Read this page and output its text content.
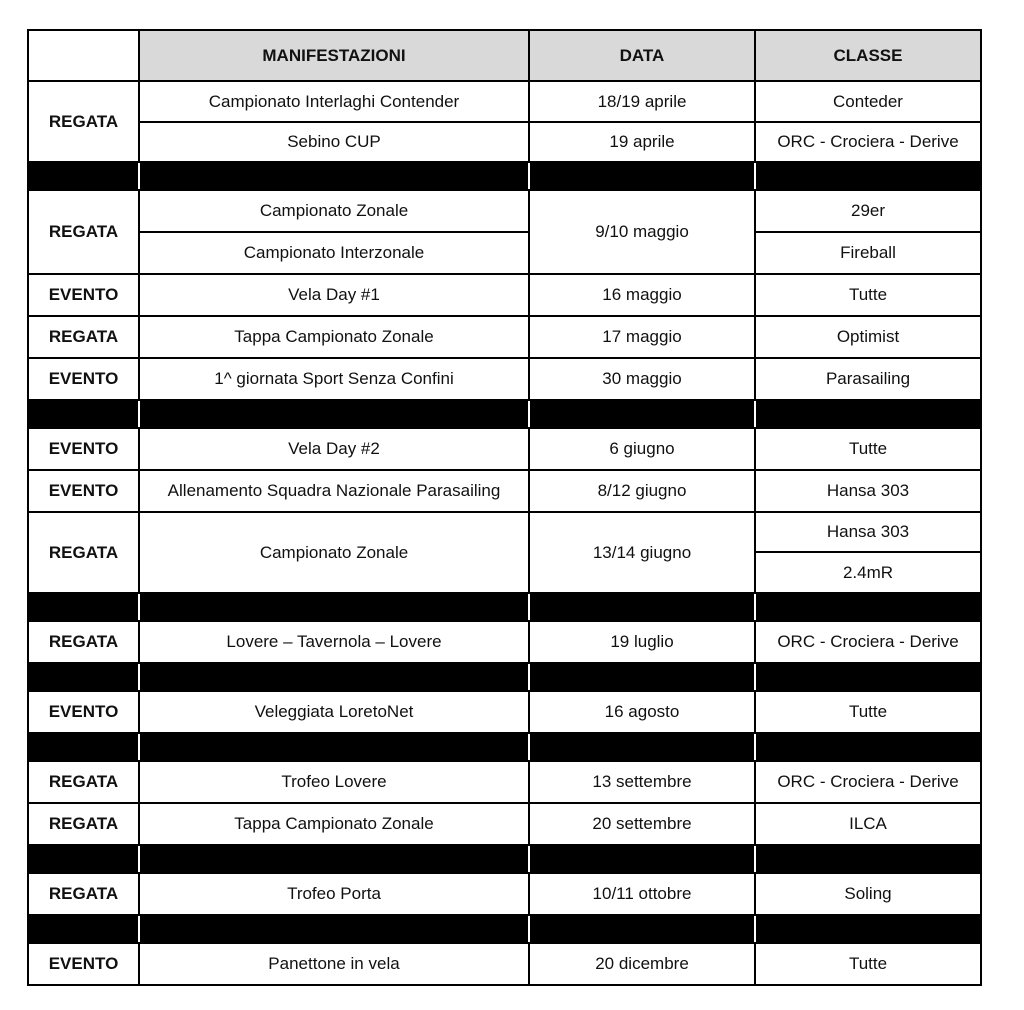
	MANIFESTAZIONI	DATA	CLASSE
REGATA	Campionato Interlaghi Contender	18/19 aprile	Conteder
	Sebino CUP	19 aprile	ORC - Crociera - Derive

REGATA	Campionato Zonale	9/10 maggio	29er
	Campionato Interzonale		Fireball
EVENTO	Vela Day #1	16 maggio	Tutte
REGATA	Tappa Campionato Zonale	17 maggio	Optimist
EVENTO	1^ giornata Sport Senza Confini	30 maggio	Parasailing

EVENTO	Vela Day #2	6 giugno	Tutte
EVENTO	Allenamento Squadra Nazionale Parasailing	8/12 giugno	Hansa 303
REGATA	Campionato Zonale	13/14 giugno	Hansa 303
			2.4mR

REGATA	Lovere – Tavernola – Lovere	19 luglio	ORC - Crociera - Derive

EVENTO	Veleggiata LoretoNet	16 agosto	Tutte

REGATA	Trofeo Lovere	13 settembre	ORC - Crociera - Derive
REGATA	Tappa Campionato Zonale	20 settembre	ILCA

REGATA	Trofeo Porta	10/11 ottobre	Soling

EVENTO	Panettone in vela	20 dicembre	Tutte
